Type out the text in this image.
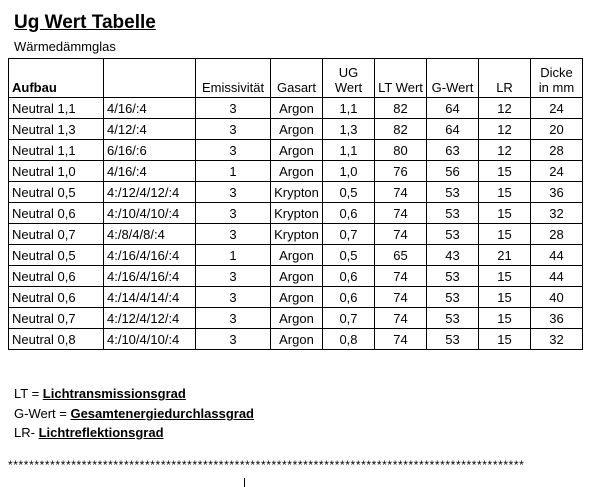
Ug Wert Tabelle
Wärmedämmglas
Aufbau		Emissivität	Gasart	UG Wert	LT Wert	G-Wert	LR	Dicke in mm
Neutral 1,1	4/16/:4	3	Argon	1,1	82	64	12	24
Neutral 1,3	4/12/:4	3	Argon	1,3	82	64	12	20
Neutral 1,1	6/16/:6	3	Argon	1,1	80	63	12	28
Neutral 1,0	4/16/:4	1	Argon	1,0	76	56	15	24
Neutral 0,5	4:/12/4/12/:4	3	Krypton	0,5	74	53	15	36
Neutral 0,6	4:/10/4/10/:4	3	Krypton	0,6	74	53	15	32
Neutral 0,7	4:/8/4/8/:4	3	Krypton	0,7	74	53	15	28
Neutral 0,5	4:/16/4/16/:4	1	Argon	0,5	65	43	21	44
Neutral 0,6	4:/16/4/16/:4	3	Argon	0,6	74	53	15	44
Neutral 0,6	4:/14/4/14/:4	3	Argon	0,6	74	53	15	40
Neutral 0,7	4:/12/4/12/:4	3	Argon	0,7	74	53	15	36
Neutral 0,8	4:/10/4/10/:4	3	Argon	0,8	74	53	15	32
LT = Lichtransmissionsgrad
G-Wert = Gesamtenergiedurchlassgrad
LR- Lichtreflektionsgrad
**************************************************************************************************
